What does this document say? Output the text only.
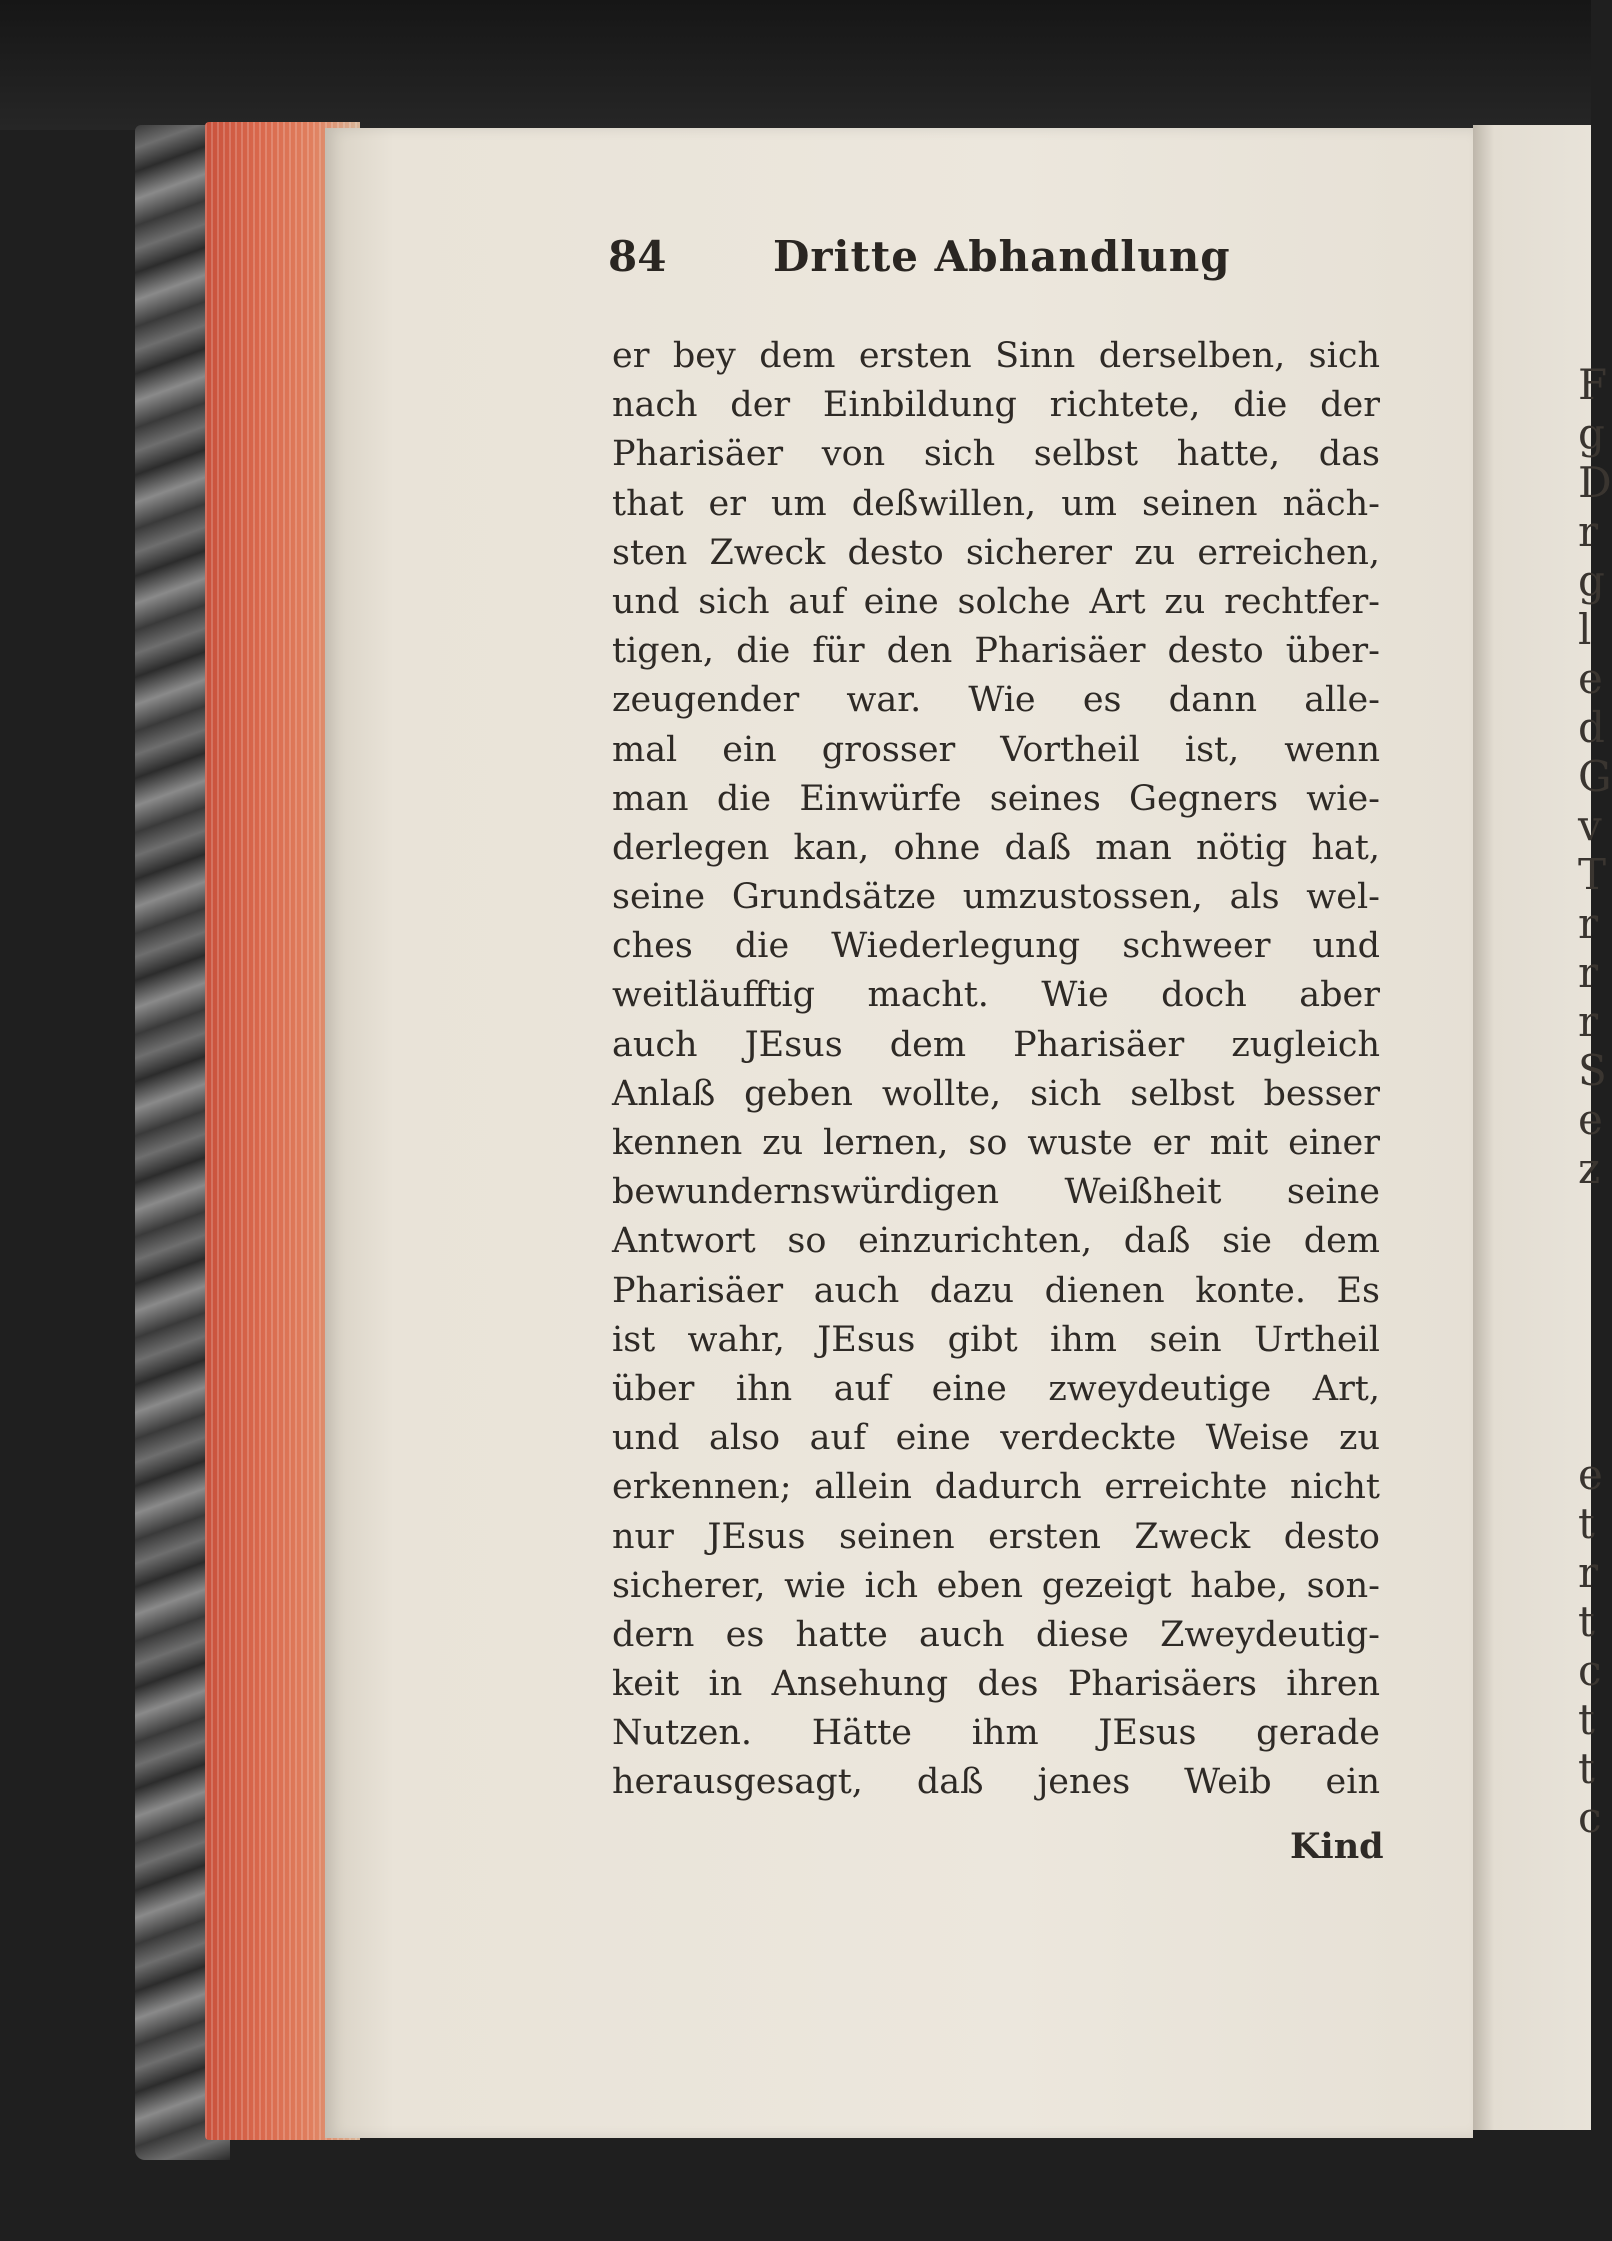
F
g
D
r
g
l
e
d
G
v
T
r
r
r
S
e
z
e
t
r
t
c
t
t
c
84	Dritte Abhandlung
er bey dem ersten Sinn derselben, sich
nach der Einbildung richtete, die der
Pharisäer von sich selbst hatte, das
that er um deßwillen, um seinen näch-
sten Zweck desto sicherer zu erreichen,
und sich auf eine solche Art zu rechtfer-
tigen, die für den Pharisäer desto über-
zeugender war. Wie es dann alle-
mal ein grosser Vortheil ist, wenn
man die Einwürfe seines Gegners wie-
derlegen kan, ohne daß man nötig hat,
seine Grundsätze umzustossen, als wel-
ches die Wiederlegung schweer und
weitläufftig macht. Wie doch aber
auch JEsus dem Pharisäer zugleich
Anlaß geben wollte, sich selbst besser
kennen zu lernen, so wuste er mit einer
bewundernswürdigen Weißheit seine
Antwort so einzurichten, daß sie dem
Pharisäer auch dazu dienen konte. Es
ist wahr, JEsus gibt ihm sein Urtheil
über ihn auf eine zweydeutige Art,
und also auf eine verdeckte Weise zu
erkennen; allein dadurch erreichte nicht
nur JEsus seinen ersten Zweck desto
sicherer, wie ich eben gezeigt habe, son-
dern es hatte auch diese Zweydeutig-
keit in Ansehung des Pharisäers ihren
Nutzen. Hätte ihm JEsus gerade
herausgesagt, daß jenes Weib ein
Kind
